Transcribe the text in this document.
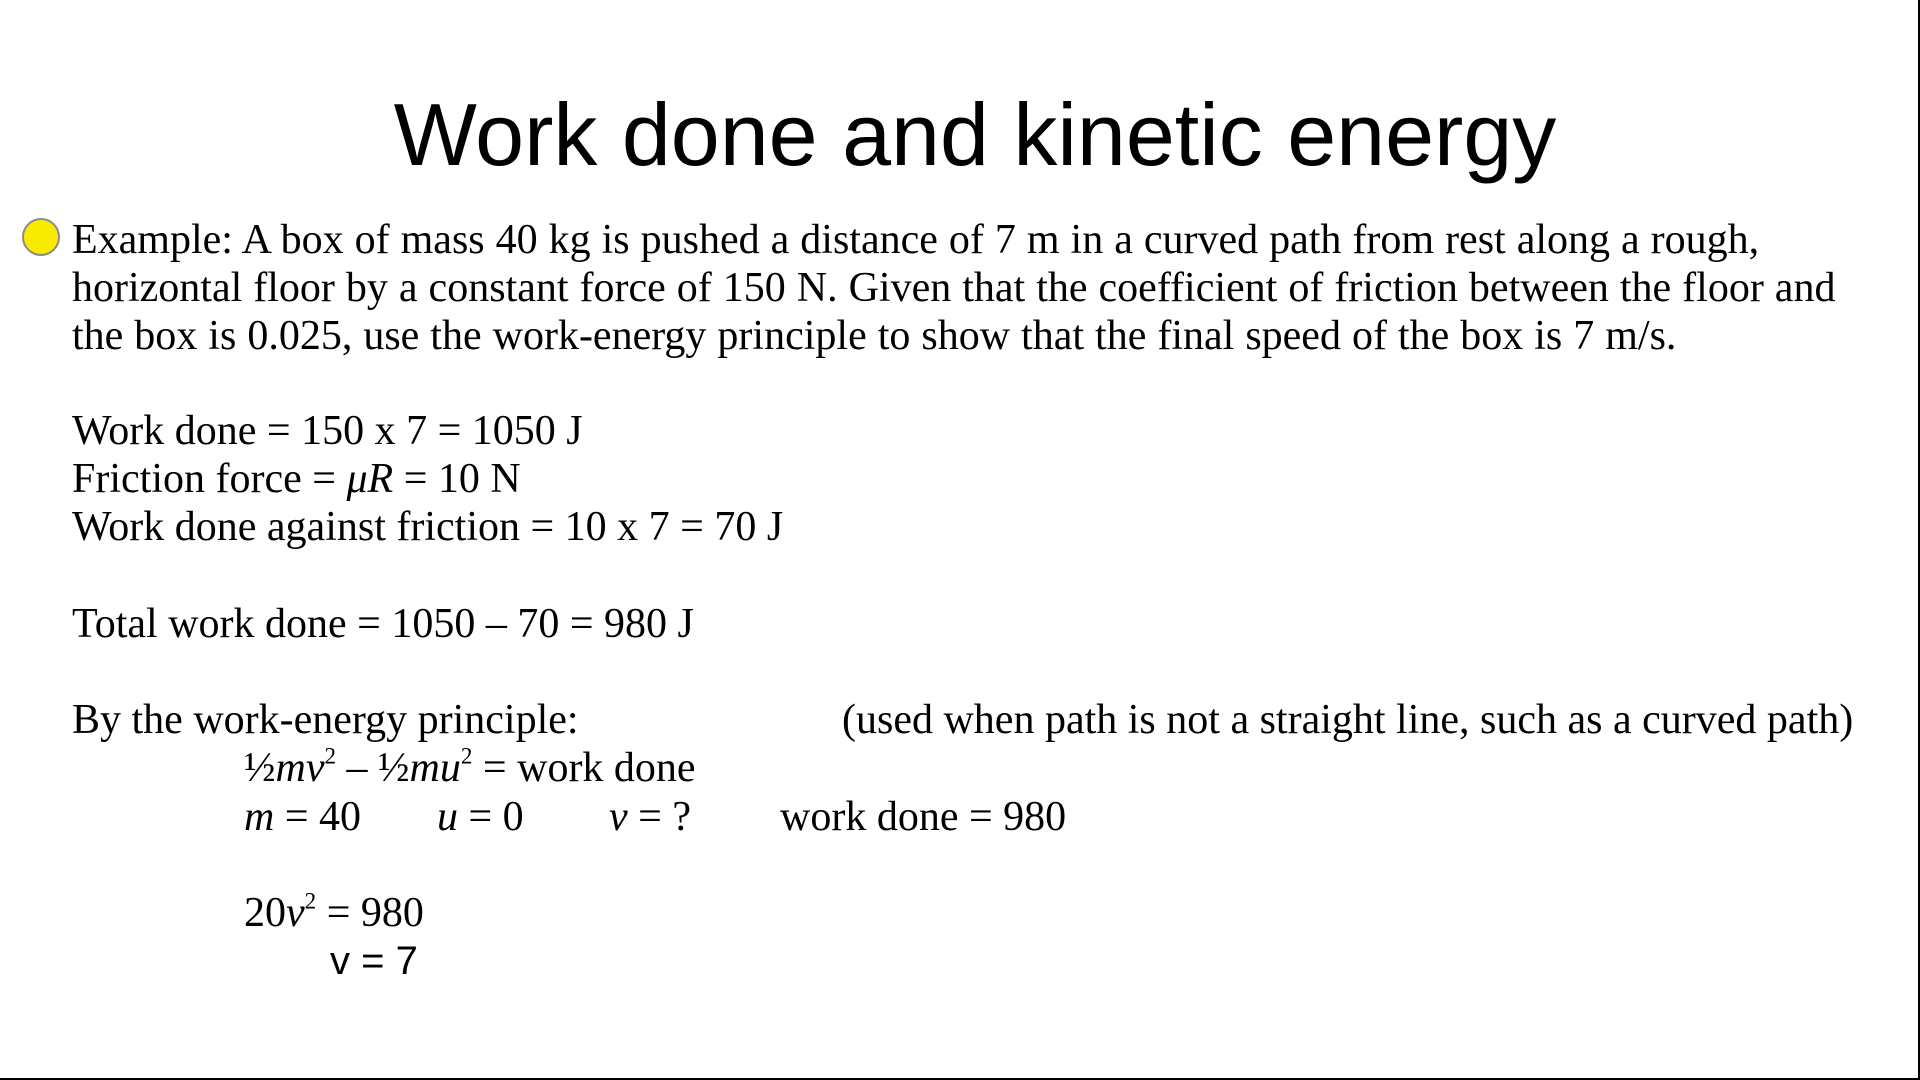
Work done and kinetic energy
Example: A box of mass 40 kg is pushed a distance of 7 m in a curved path from rest along a rough,
horizontal floor by a constant force of 150 N. Given that the coefficient of friction between the floor and
the box is 0.025, use the work-energy principle to show that the final speed of the box is 7 m/s.
Work done = 150 x 7 = 1050 J
Friction force = μR = 10 N
Work done against friction = 10 x 7 = 70 J
Total work done = 1050 – 70 = 980 J
By the work-energy principle:	(used when path is not a straight line, such as a curved path)
$\frac{1}{2}mv^2$ – $\frac{1}{2}mu^2$ = work done
m = 40 u = 0 v = ? work done = 980
$20v^2 = 980$
v = 7
